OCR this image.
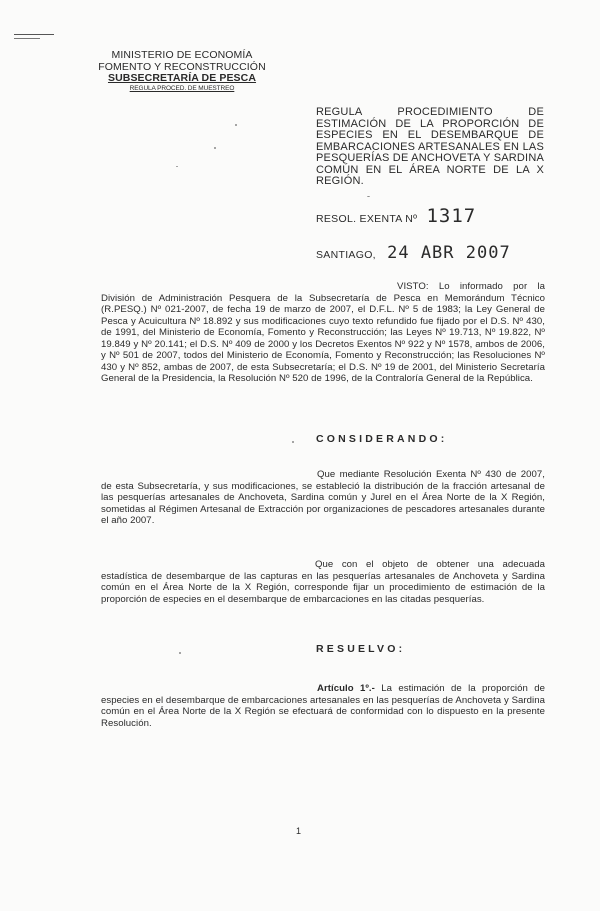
MINISTERIO DE ECONOMÍA
FOMENTO Y RECONSTRUCCIÓN
SUBSECRETARÍA DE PESCA
REGULA PROCED. DE MUESTREO
REGULA PROCEDIMIENTO DE ESTIMACIÓN DE LA PROPORCIÓN DE ESPECIES EN EL DESEMBARQUE DE EMBARCACIONES ARTESANALES EN LAS PESQUERÍAS DE ANCHOVETA Y SARDINA COMÚN EN EL ÁREA NORTE DE LA X REGIÓN.
RESOL. EXENTA Nº 1317
SANTIAGO, 24 ABR 2007
VISTO: Lo informado por la División de Administración Pesquera de la Subsecretaría de Pesca en Memorándum Técnico (R.PESQ.) Nº 021-2007, de fecha 19 de marzo de 2007, el D.F.L. Nº 5 de 1983; la Ley General de Pesca y Acuicultura Nº 18.892 y sus modificaciones cuyo texto refundido fue fijado por el D.S. Nº 430, de 1991, del Ministerio de Economía, Fomento y Reconstrucción; las Leyes Nº 19.713, Nº 19.822, Nº 19.849 y Nº 20.141; el D.S. Nº 409 de 2000 y los Decretos Exentos Nº 922 y Nº 1578, ambos de 2006, y Nº 501 de 2007, todos del Ministerio de Economía, Fomento y Reconstrucción; las Resoluciones Nº 430 y Nº 852, ambas de 2007, de esta Subsecretaría; el D.S. Nº 19 de 2001, del Ministerio Secretaría General de la Presidencia, la Resolución Nº 520 de 1996, de la Contraloría General de la República.
CONSIDERANDO:
Que mediante Resolución Exenta Nº 430 de 2007, de esta Subsecretaría, y sus modificaciones, se estableció la distribución de la fracción artesanal de las pesquerías artesanales de Anchoveta, Sardina común y Jurel en el Área Norte de la X Región, sometidas al Régimen Artesanal de Extracción por organizaciones de pescadores artesanales durante el año 2007.
Que con el objeto de obtener una adecuada estadística de desembarque de las capturas en las pesquerías artesanales de Anchoveta y Sardina común en el Área Norte de la X Región, corresponde fijar un procedimiento de estimación de la proporción de especies en el desembarque de embarcaciones en las citadas pesquerías.
RESUELVO:
Artículo 1º.- La estimación de la proporción de especies en el desembarque de embarcaciones artesanales en las pesquerías de Anchoveta y Sardina común en el Área Norte de la X Región se efectuará de conformidad con lo dispuesto en la presente Resolución.
1
